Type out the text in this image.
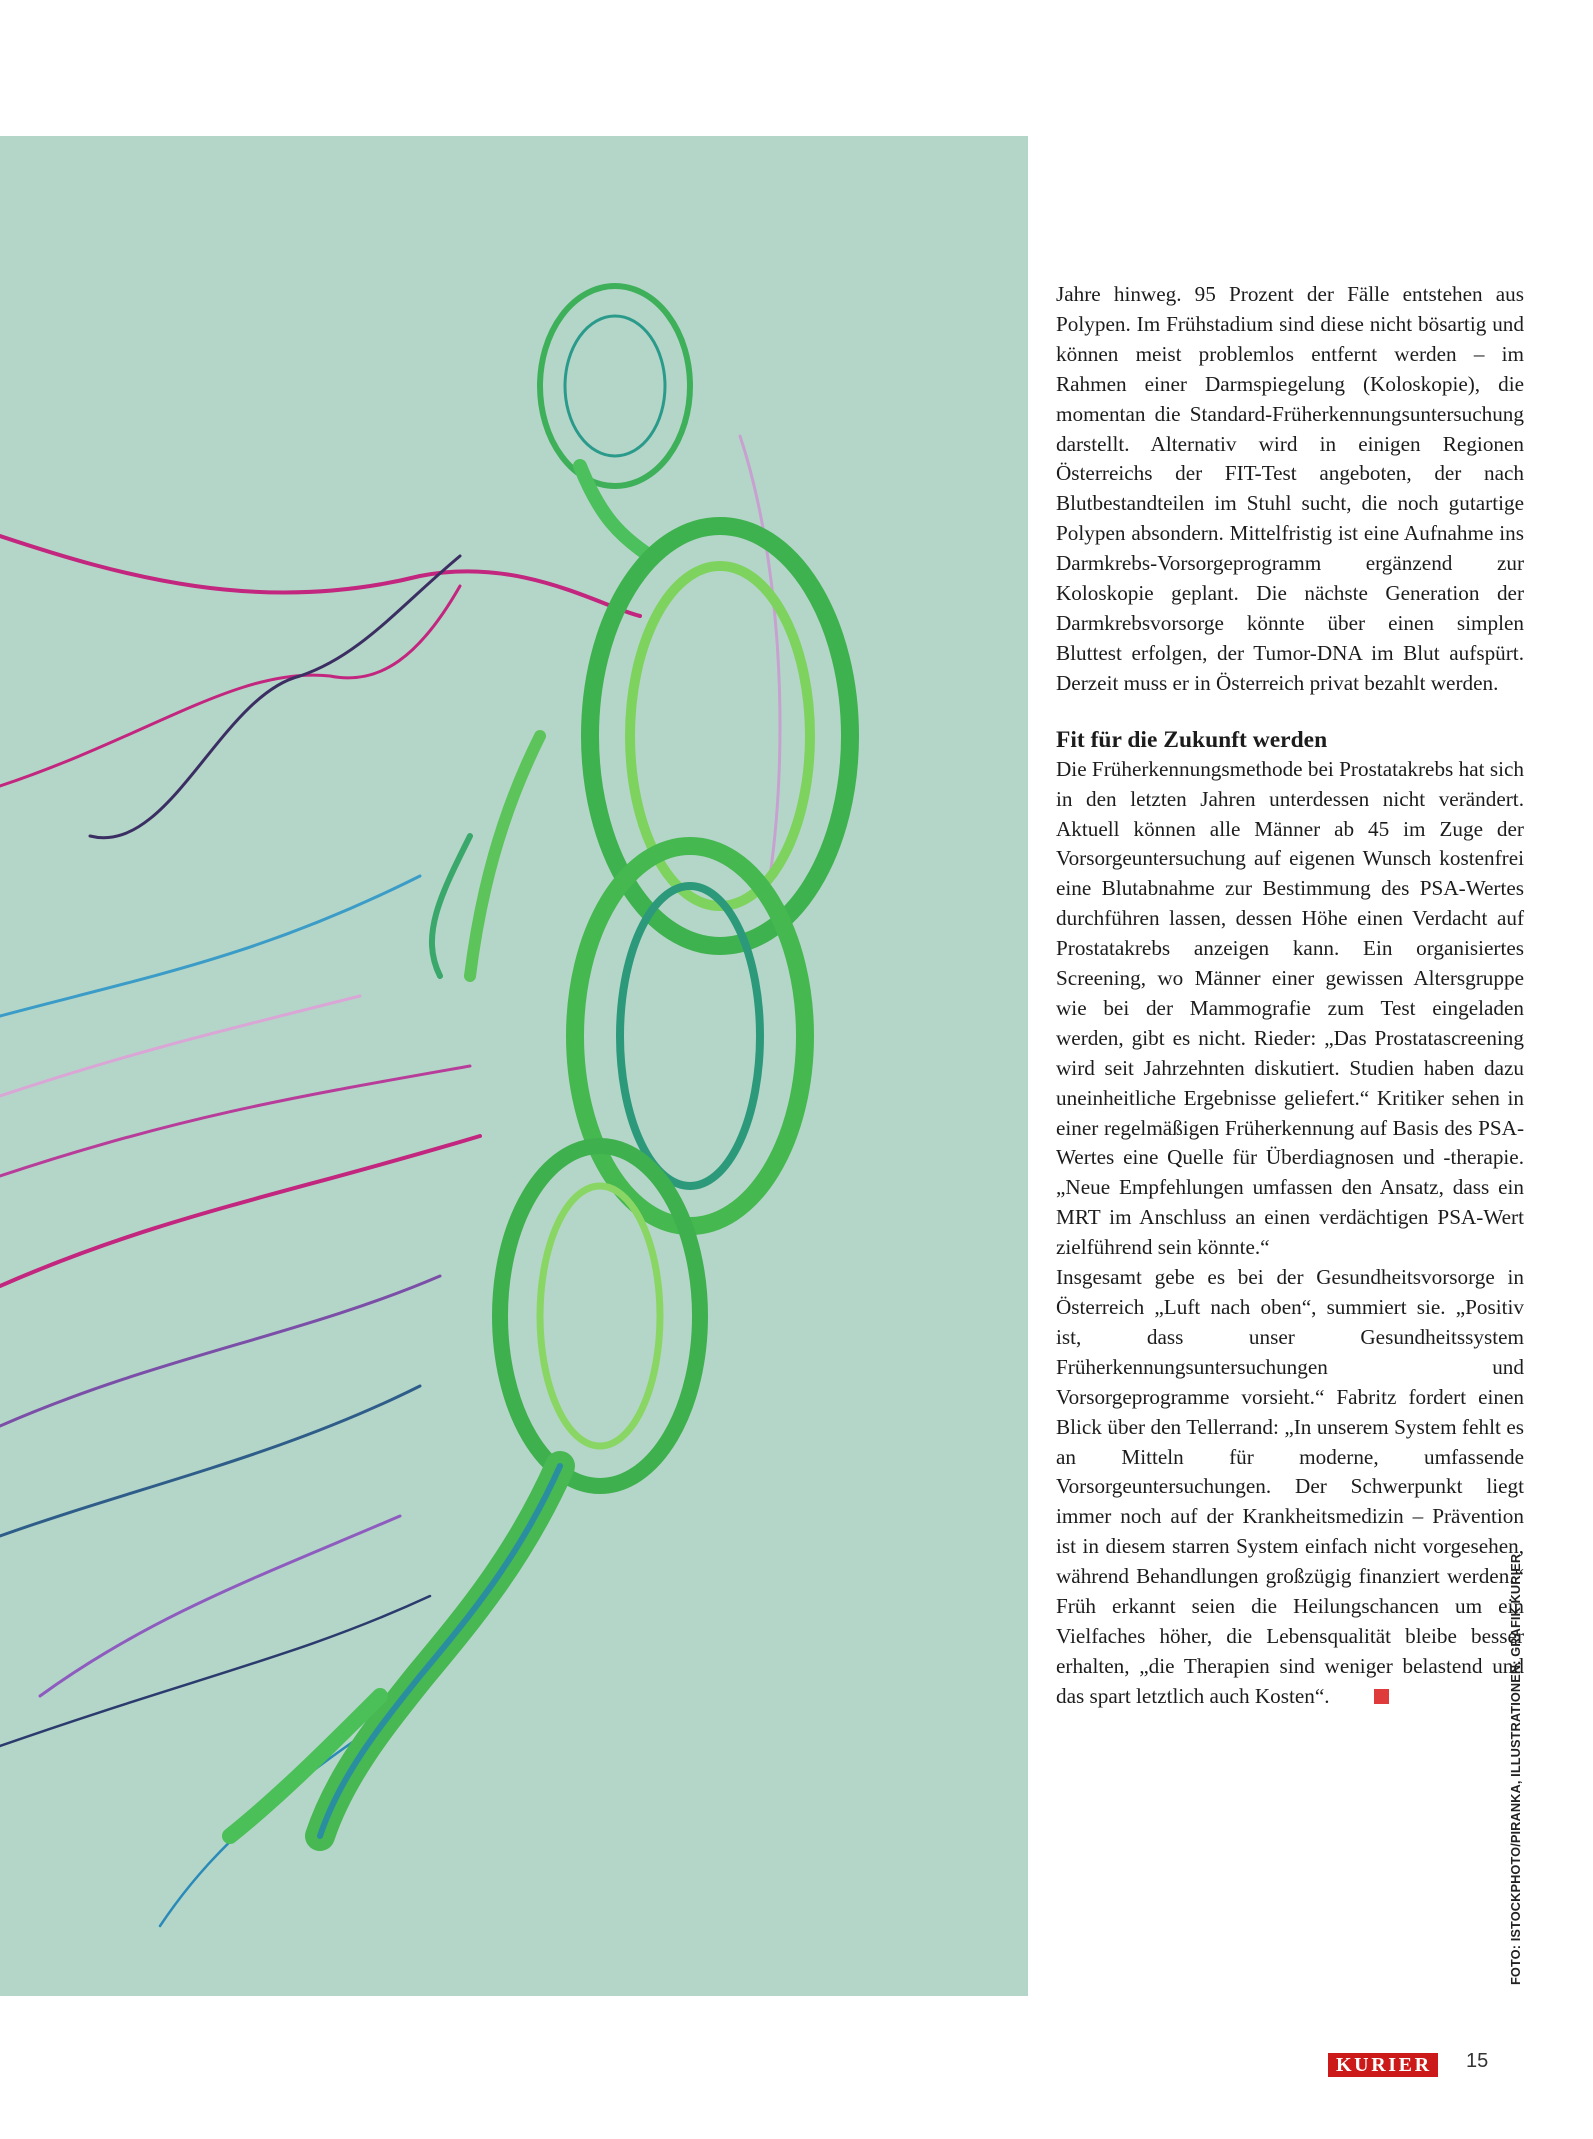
Jahre hinweg. 95 Prozent der Fälle entstehen aus Polypen. Im Frühstadium sind diese nicht bösartig und können meist problemlos entfernt werden – im Rahmen einer Darmspiegelung (Koloskopie), die momentan die Standard-Früherkennungsuntersuchung darstellt. Alternativ wird in einigen Regionen Österreichs der FIT-Test angeboten, der nach Blutbestandteilen im Stuhl sucht, die noch gutartige Polypen absondern. Mittelfristig ist eine Aufnahme ins Darmkrebs-Vorsorgeprogramm ergänzend zur Koloskopie geplant. Die nächste Generation der Darmkrebsvorsorge könnte über einen simplen Bluttest erfolgen, der Tumor-DNA im Blut aufspürt. Derzeit muss er in Österreich privat bezahlt werden.

Fit für die Zukunft werden

Die Früherkennungsmethode bei Prostatakrebs hat sich in den letzten Jahren unterdessen nicht verändert. Aktuell können alle Männer ab 45 im Zuge der Vorsorgeuntersuchung auf eigenen Wunsch kostenfrei eine Blutabnahme zur Bestimmung des PSA-Wertes durchführen lassen, dessen Höhe einen Verdacht auf Prostatakrebs anzeigen kann. Ein organisiertes Screening, wo Männer einer gewissen Altersgruppe wie bei der Mammografie zum Test eingeladen werden, gibt es nicht. Rieder: „Das Prostatascreening wird seit Jahrzehnten diskutiert. Studien haben dazu uneinheitliche Ergebnisse geliefert.“ Kritiker sehen in einer regelmäßigen Früherkennung auf Basis des PSA-Wertes eine Quelle für Überdiagnosen und -therapie. „Neue Empfehlungen umfassen den Ansatz, dass ein MRT im Anschluss an einen verdächtigen PSA-Wert zielführend sein könnte.“

Insgesamt gebe es bei der Gesundheitsvorsorge in Österreich „Luft nach oben“, summiert sie. „Positiv ist, dass unser Gesundheitssystem Früherkennungsuntersuchungen und Vorsorgeprogramme vorsieht.“ Fabritz fordert einen Blick über den Tellerrand: „In unserem System fehlt es an Mitteln für moderne, umfassende Vorsorgeuntersuchungen. Der Schwerpunkt liegt immer noch auf der Krankheitsmedizin – Prävention ist in diesem starren System einfach nicht vorgesehen, während Behandlungen großzügig finanziert werden.“ Früh erkannt seien die Heilungschancen um ein Vielfaches höher, die Lebensqualität bleibe besser erhalten, „die Therapien sind weniger belastend und das spart letztlich auch Kosten“.	FOTO: ISTOCKPHOTO/PIRANKA, ILLUSTRATIONEN: GRAFIK KURIER
KURIER	15
